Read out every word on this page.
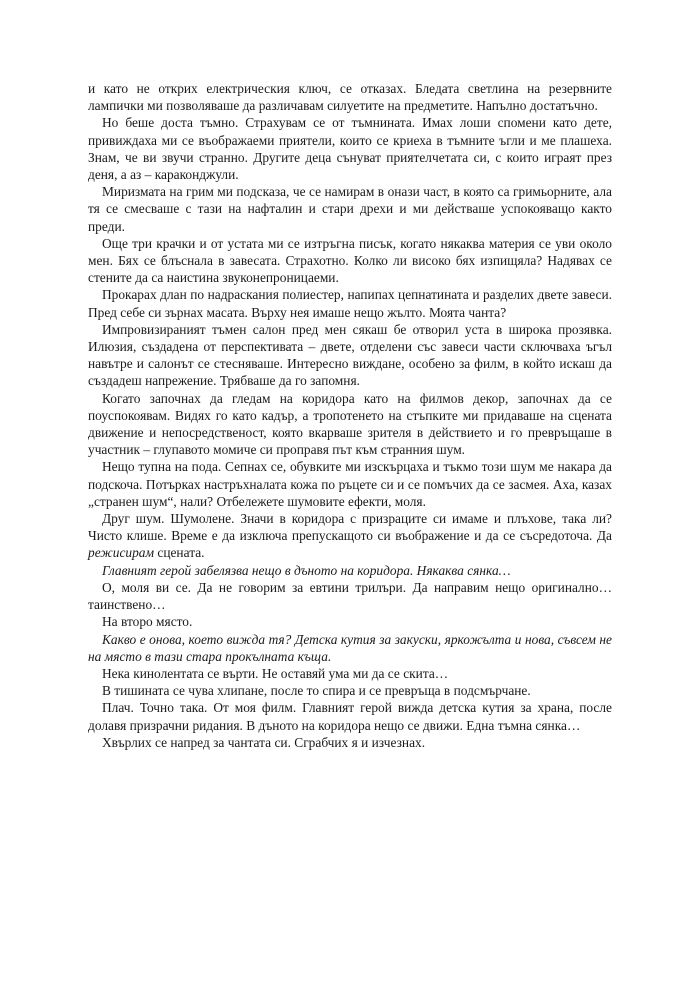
и като не открих електрическия ключ, се отказах. Бледата светлина на резервните лампички ми позволяваше да различавам силуетите на предметите. Напълно достатъчно.

Но беше доста тъмно. Страхувам се от тъмнината. Имах лоши спомени като дете, привиждаха ми се въображаеми приятели, които се криеха в тъмните ъгли и ме плашеха. Знам, че ви звучи странно. Другите деца сънуват приятелчетата си, с които играят през деня, а аз – караконджули.

Миризмата на грим ми подсказа, че се намирам в онази част, в която са гримьорните, ала тя се смесваше с тази на нафталин и стари дрехи и ми действаше успокояващо както преди.

Още три крачки и от устата ми се изтръгна писък, когато някаква материя се уви около мен. Бях се блъснала в завесата. Страхотно. Колко ли високо бях изпищяла? Надявах се стените да са наистина звуконепроницаеми.

Прокарах длан по надраскания полиестер, напипах цепнатината и разделих двете завеси. Пред себе си зърнах масата. Върху нея имаше нещо жълто. Моята чанта?

Импровизираният тъмен салон пред мен сякаш бе отворил уста в широка прозявка. Илюзия, създадена от перспективата – двете, отделени със завеси части сключваха ъгъл навътре и салонът се стесняваше. Интересно виждане, особено за филм, в който искаш да създадеш напрежение. Трябваше да го запомня.

Когато започнах да гледам на коридора като на филмов декор, започнах да се поуспокоявам. Видях го като кадър, а тропотенето на стъпките ми придаваше на сцената движение и непосредственост, която вкарваше зрителя в действието и го превръщаше в участник – глупавото момиче си проправя път към странния шум.

Нещо тупна на пода. Сепнах се, обувките ми изскърцаха и тъкмо този шум ме накара да подскоча. Потърках настръхналата кожа по ръцете си и се помъчих да се засмея. Аха, казах „странен шум“, нали? Отбележете шумовите ефекти, моля.

Друг шум. Шумолене. Значи в коридора с призраците си имаме и плъхове, така ли? Чисто клише. Време е да изключа препускащото си въображение и да се съсредоточа. Да режисирам сцената.

Главният герой забелязва нещо в дъното на коридора. Някаква сянка…

О, моля ви се. Да не говорим за евтини трилъри. Да направим нещо оригинално… таинствено…

На второ място.

Какво е онова, което вижда тя? Детска кутия за закуски, яркожълта и нова, съвсем не на място в тази стара прокълната къща.

Нека кинолентата се върти. Не оставяй ума ми да се скита…

В тишината се чува хлипане, после то спира и се превръща в подсмърчане.

Плач. Точно така. От моя филм. Главният герой вижда детска кутия за храна, после долавя призрачни ридания. В дъното на коридора нещо се движи. Една тъмна сянка…

Хвърлих се напред за чантата си. Сграбчих я и изчезнах.
